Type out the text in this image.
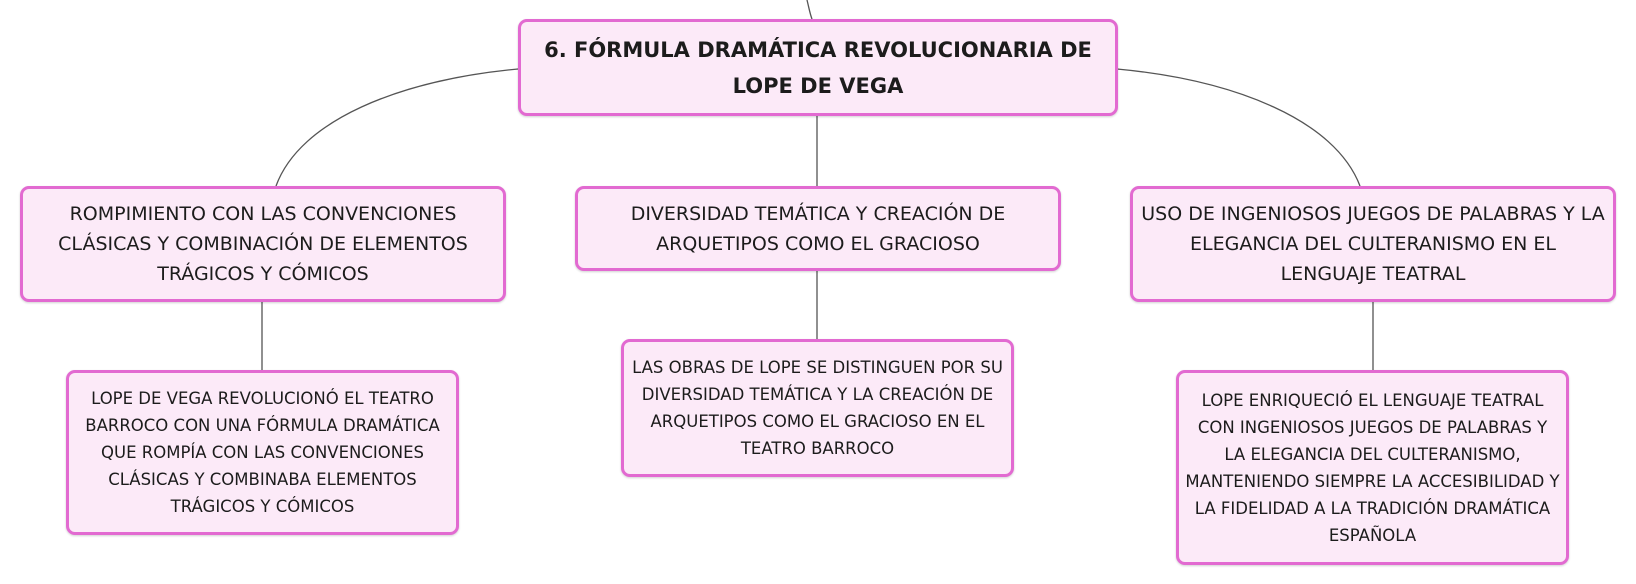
6. FÓRMULA DRAMÁTICA REVOLUCIONARIA DE LOPE DE VEGA
ROMPIMIENTO CON LAS CONVENCIONES CLÁSICAS Y COMBINACIÓN DE ELEMENTOS TRÁGICOS Y CÓMICOS
DIVERSIDAD TEMÁTICA Y CREACIÓN DE ARQUETIPOS COMO EL GRACIOSO
USO DE INGENIOSOS JUEGOS DE PALABRAS Y LA ELEGANCIA DEL CULTERANISMO EN EL LENGUAJE TEATRAL
LOPE DE VEGA REVOLUCIONÓ EL TEATRO BARROCO CON UNA FÓRMULA DRAMÁTICA QUE ROMPÍA CON LAS CONVENCIONES CLÁSICAS Y COMBINABA ELEMENTOS TRÁGICOS Y CÓMICOS
LAS OBRAS DE LOPE SE DISTINGUEN POR SU DIVERSIDAD TEMÁTICA Y LA CREACIÓN DE ARQUETIPOS COMO EL GRACIOSO EN EL TEATRO BARROCO
LOPE ENRIQUECIÓ EL LENGUAJE TEATRAL CON INGENIOSOS JUEGOS DE PALABRAS Y LA ELEGANCIA DEL CULTERANISMO, MANTENIENDO SIEMPRE LA ACCESIBILIDAD Y LA FIDELIDAD A LA TRADICIÓN DRAMÁTICA ESPAÑOLA
